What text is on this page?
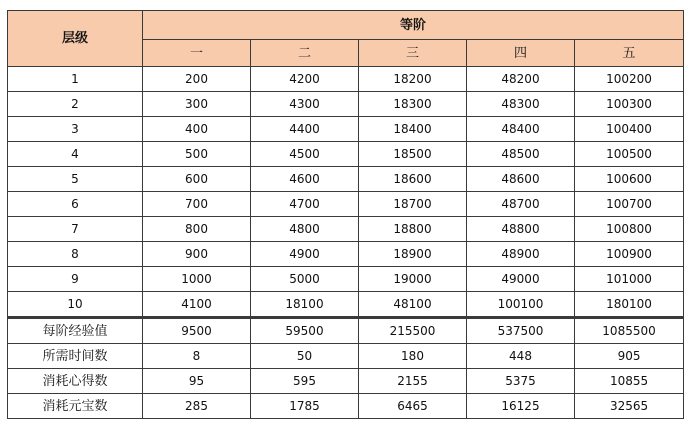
层级	等阶				
	一	二	三	四	五
1	200	4200	18200	48200	100200
2	300	4300	18300	48300	100300
3	400	4400	18400	48400	100400
4	500	4500	18500	48500	100500
5	600	4600	18600	48600	100600
6	700	4700	18700	48700	100700
7	800	4800	18800	48800	100800
8	900	4900	18900	48900	100900
9	1000	5000	19000	49000	101000
10	4100	18100	48100	100100	180100
每阶经验值	9500	59500	215500	537500	1085500
所需时间数	8	50	180	448	905
消耗心得数	95	595	2155	5375	10855
消耗元宝数	285	1785	6465	16125	32565
